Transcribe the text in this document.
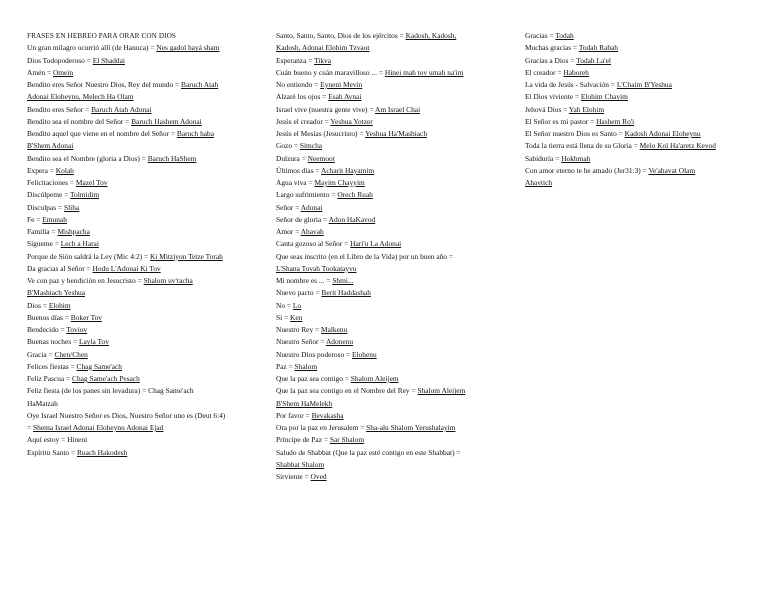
FRASES EN HEBREO PARA ORAR CON DIOS
Un gran milagro ocurrió allí (de Hanuca) = Nes gadol hayá sham
Dios Todopoderoso = El Shaddai
Amén = Omein
Bendito eres Señor Nuestro Dios, Rey del mundo = Baruch Atah
Adonai Eloheynu, Melech Ha Olam
Bendito eres Señor = Baruch Atah Adonai
Bendito sea el nombre del Señor = Baruch Hashem Adonai
Bendito aquel que viene en el nombre del Señor = Baruch haba
B'Shem Adonai
Bendito sea el Nombre (gloria a Dios) = Baruch HaShem
Expera = Kolah
Felicitaciones = Mazel Tov
Discúlpeme = Tolmidim
Disculpas = Sliha
Fe = Emunah
Familia = Mishpacha
Sígueme = Lech a Harai
Porque de Sión saldrá la Ley (Mic 4:2) = Ki Mitziyon Tetze Torah
Da gracias al Señor = Hodu L'Adonai Ki Tov
Ve con paz y bendición en Jesucristo = Shalom uv'racha
B'Mashiach Yeshua
Dios = Elohim
Buenos días = Boker Tov
Bendecido = Toviov
Buenas noches = Layla Tov
Gracia = Chen/Chen
Felices fiestas = Chag Same'ach
Feliz Pascua = Chag Same'ach Pesach
Feliz fiesta (de los panes sin levadura) = Chag Same'ach
HaMatzah
Oye Israel Nuestro Señor es Dios, Nuestro Señor uno es (Deut 6:4)
= Shema Israel Adonai Eloheynu Adonai Ejad
Aquí estoy = Hineni
Espíritu Santo = Ruach Hakodesh
Santo, Santo, Santo, Dios de los ejércitos = Kadosh, Kadosh,
Kadosh, Adonai Elohim Tzvaot
Esperanza = Tikva
Cuán bueno y cuán maravilloso ... = Hinei mah tov umah na'im
No entiendo = Eyneni Mevin
Alzaré los ojos = Esah Aynai
Israel vive (nuestra gente vive) = Am Israel Chai
Jesús el creador = Yeshua Yotzer
Jesús el Mesías (Jesucristo) = Yeshua Ha'Mashiach
Gozo = Simcha
Dulzura = Neemoot
Últimos días = Acharit Hayamim
Agua viva = Mayim Chayyim
Largo sufrimiento = Orech Ruah
Señor = Adonai
Señor de gloria = Adon HaKavod
Amor = Ahavah
Canta gozoso al Señor = Hari'u La Adonai
Que seas inscrito (en el Libro de la Vida) por un buen año =
L'Shana Tovah Tookatayvu
Mi nombre es ... = Shmi...
Nuevo pacto = Berit Haddashah
No = Lo
Sí = Ken
Nuestro Rey = Malkenu
Nuestro Señor = Adonenu
Nuestro Dios poderoso = Elohenu
Paz = Shalom
Que la paz sea contigo = Shalom Aleijem
Que la paz sea contigo en el Nombre del Rey = Shalom Aleijem
B'Shem HaMelekh
Por favor = Bevakasha
Ora por la paz en Jerusalem = Sha-alu Shalom Yerushalayim
Príncipe de Paz = Sar Shalom
Saludo de Shabbat (Que la paz esté contigo en este Shabbat) =
Shabbat Shalom
Sirviente = Oved
Gracias = Todah
Muchas gracias = Todah Rabah
Gracias a Dios = Todah La'el
El creador = Haboreh
La vida de Jesús - Salvación = L'Chaim B'Yeshua
El Dios viviente = Elohim Chayim
Jehová Dios = Yah Elohim
El Señor es mi pastor = Hashem Ro'i
El Señor nuestro Dios es Santo = Kadosh Adonai Eloheynu
Toda la tierra está llena de su Gloria = Melo Kol Ha'aretz Kevod
Sabiduría = Hokhmah
Con amor eterno te he amado (Jer31:3) = Ve'ahavat Olam
Ahavtich
